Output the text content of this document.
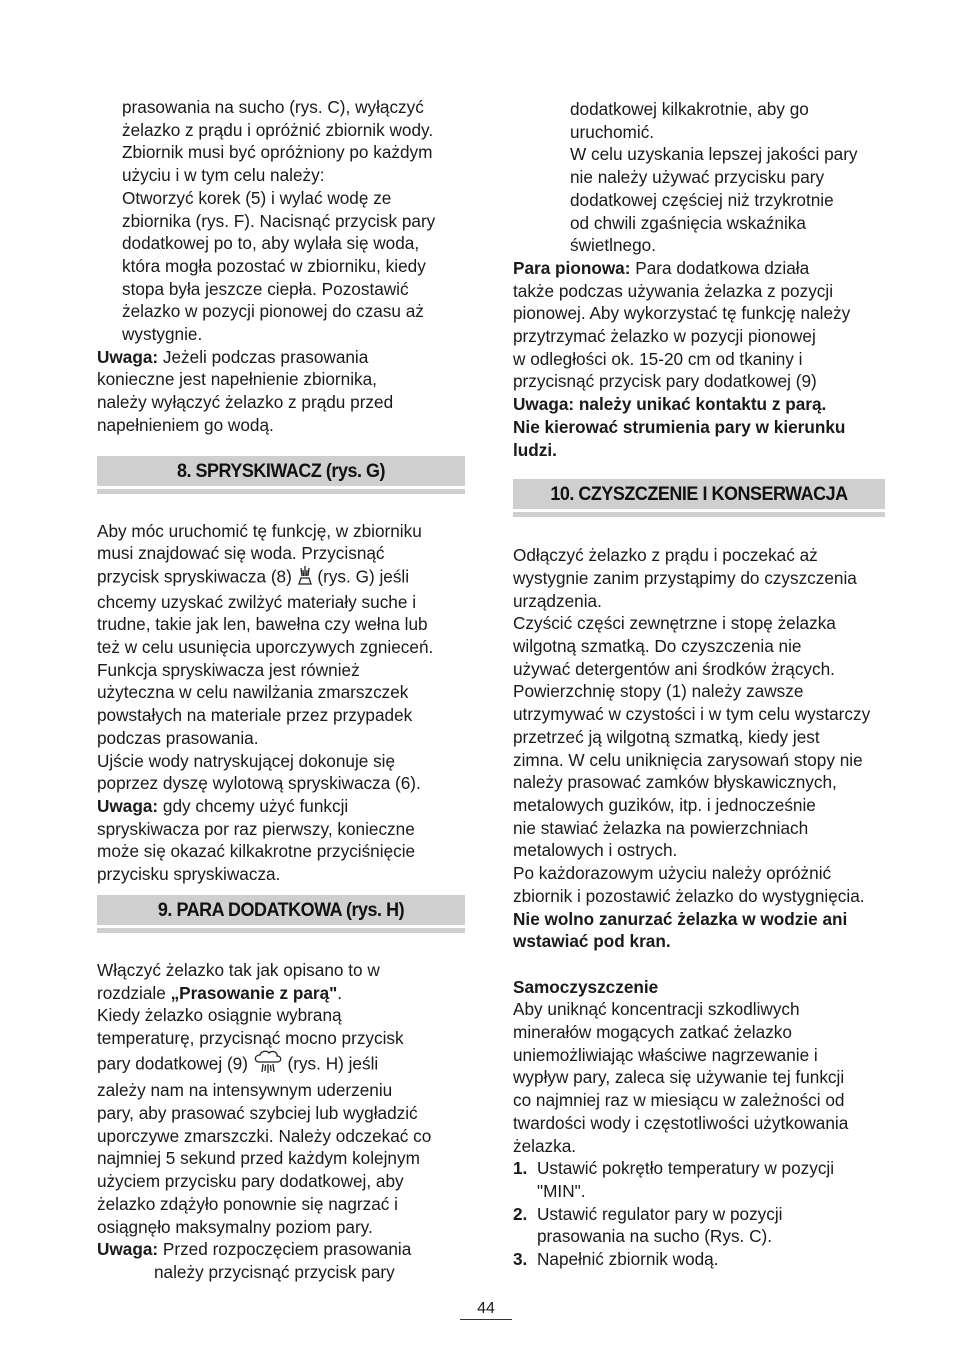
prasowania na sucho (rys. C), wyłączyć
żelazko z prądu i opróżnić zbiornik wody.
Zbiornik musi być opróżniony po każdym
użyciu i w tym celu należy:
Otworzyć korek (5) i wylać wodę ze
zbiornika (rys. F). Nacisnąć przycisk pary
dodatkowej po to, aby wylała się woda,
która mogła pozostać w zbiorniku, kiedy
stopa była jeszcze ciepła. Pozostawić
żelazko w pozycji pionowej do czasu aż
wystygnie.
Uwaga: Jeżeli podczas prasowania
konieczne jest napełnienie zbiornika,
należy wyłączyć żelazko z prądu przed
napełnieniem go wodą.
8. SPRYSKIWACZ (rys. G)
Aby móc uruchomić tę funkcję, w zbiorniku
musi znajdować się woda. Przycisnąć
przycisk spryskiwacza (8)  (rys. G) jeśli
chcemy uzyskać zwilżyć materiały suche i
trudne, takie jak len, bawełna czy wełna lub
też w celu usunięcia uporczywych zgnieceń.
Funkcja spryskiwacza jest również
użyteczna w celu nawilżania zmarszczek
powstałych na materiale przez przypadek
podczas prasowania.
Ujście wody natryskującej dokonuje się
poprzez dyszę wylotową spryskiwacza (6).
Uwaga: gdy chcemy użyć funkcji
spryskiwacza por raz pierwszy, konieczne
może się okazać kilkakrotne przyciśnięcie
przycisku spryskiwacza.
9. PARA DODATKOWA (rys. H)
Włączyć żelazko tak jak opisano to w
rozdziale „Prasowanie z parą".
Kiedy żelazko osiągnie wybraną
temperaturę, przycisnąć mocno przycisk
pary dodatkowej (9)  (rys. H) jeśli
zależy nam na intensywnym uderzeniu
pary, aby prasować szybciej lub wygładzić
uporczywe zmarszczki. Należy odczekać co
najmniej 5 sekund przed każdym kolejnym
użyciem przycisku pary dodatkowej, aby
żelazko zdążyło ponownie się nagrzać i
osiągnęło maksymalny poziom pary.
Uwaga: Przed rozpoczęciem prasowania
należy przycisnąć przycisk pary
dodatkowej kilkakrotnie, aby go
uruchomić.
W celu uzyskania lepszej jakości pary
nie należy używać przycisku pary
dodatkowej częściej niż trzykrotnie
od chwili zgaśnięcia wskaźnika
świetlnego.
Para pionowa: Para dodatkowa działa
także podczas używania żelazka z pozycji
pionowej. Aby wykorzystać tę funkcję należy
przytrzymać żelazko w pozycji pionowej
w odległości ok. 15-20 cm od tkaniny i
przycisnąć przycisk pary dodatkowej (9)
Uwaga: należy unikać kontaktu z parą.
Nie kierować strumienia pary w kierunku
ludzi.
10. CZYSZCZENIE I KONSERWACJA
Odłączyć żelazko z prądu i poczekać aż
wystygnie zanim przystąpimy do czyszczenia
urządzenia.
Czyścić części zewnętrzne i stopę żelazka
wilgotną szmatką. Do czyszczenia nie
używać detergentów ani środków żrących.
Powierzchnię stopy (1) należy zawsze
utrzymywać w czystości i w tym celu wystarczy
przetrzeć ją wilgotną szmatką, kiedy jest
zimna. W celu uniknięcia zarysowań stopy nie
należy prasować zamków błyskawicznych,
metalowych guzików, itp. i jednocześnie
nie stawiać żelazka na powierzchniach
metalowych i ostrych.
Po każdorazowym użyciu należy opróżnić
zbiornik i pozostawić żelazko do wystygnięcia.
Nie wolno zanurzać żelazka w wodzie ani
wstawiać pod kran.
Samoczyszczenie
Aby uniknąć koncentracji szkodliwych
minerałów mogących zatkać żelazko
uniemożliwiając właściwe nagrzewanie i
wypływ pary, zaleca się używanie tej funkcji
co najmniej raz w miesiącu w zależności od
twardości wody i częstotliwości użytkowania
żelazka.
1. Ustawić pokrętło temperatury w pozycji
"MIN".
2. Ustawić regulator pary w pozycji
prasowania na sucho (Rys. C).
3. Napełnić zbiornik wodą.
44
